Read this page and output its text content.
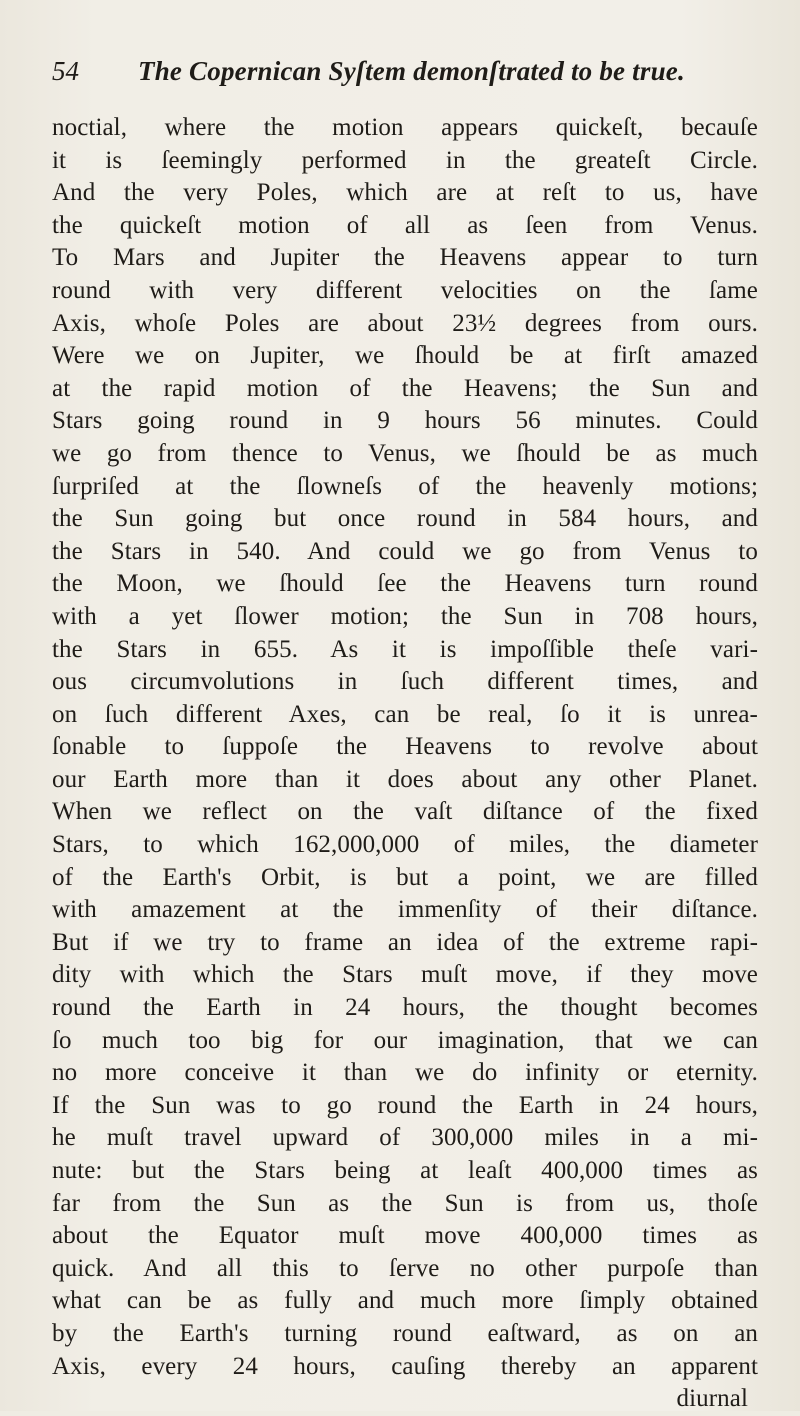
54 The Copernican Syſtem demonſtrated to be true.
noctial, where the motion appears quickeſt, becauſe
it is ſeemingly performed in the greateſt Circle.
And the very Poles, which are at reſt to us, have
the quickeſt motion of all as ſeen from Venus.
To Mars and Jupiter the Heavens appear to turn
round with very different velocities on the ſame
Axis, whoſe Poles are about 23½ degrees from ours.
Were we on Jupiter, we ſhould be at firſt amazed
at the rapid motion of the Heavens; the Sun and
Stars going round in 9 hours 56 minutes. Could
we go from thence to Venus, we ſhould be as much
ſurpriſed at the ſlowneſs of the heavenly motions;
the Sun going but once round in 584 hours, and
the Stars in 540. And could we go from Venus to
the Moon, we ſhould ſee the Heavens turn round
with a yet ſlower motion; the Sun in 708 hours,
the Stars in 655. As it is impoſſible theſe vari-
ous circumvolutions in ſuch different times, and
on ſuch different Axes, can be real, ſo it is unrea-
ſonable to ſuppoſe the Heavens to revolve about
our Earth more than it does about any other Planet.
When we reflect on the vaſt diſtance of the fixed
Stars, to which 162,000,000 of miles, the diameter
of the Earth's Orbit, is but a point, we are filled
with amazement at the immenſity of their diſtance.
But if we try to frame an idea of the extreme rapi-
dity with which the Stars muſt move, if they move
round the Earth in 24 hours, the thought becomes
ſo much too big for our imagination, that we can
no more conceive it than we do infinity or eternity.
If the Sun was to go round the Earth in 24 hours,
he muſt travel upward of 300,000 miles in a mi-
nute: but the Stars being at leaſt 400,000 times as
far from the Sun as the Sun is from us, thoſe
about the Equator muſt move 400,000 times as
quick. And all this to ſerve no other purpoſe than
what can be as fully and much more ſimply obtained
by the Earth's turning round eaſtward, as on an
Axis, every 24 hours, cauſing thereby an apparent
diurnal
